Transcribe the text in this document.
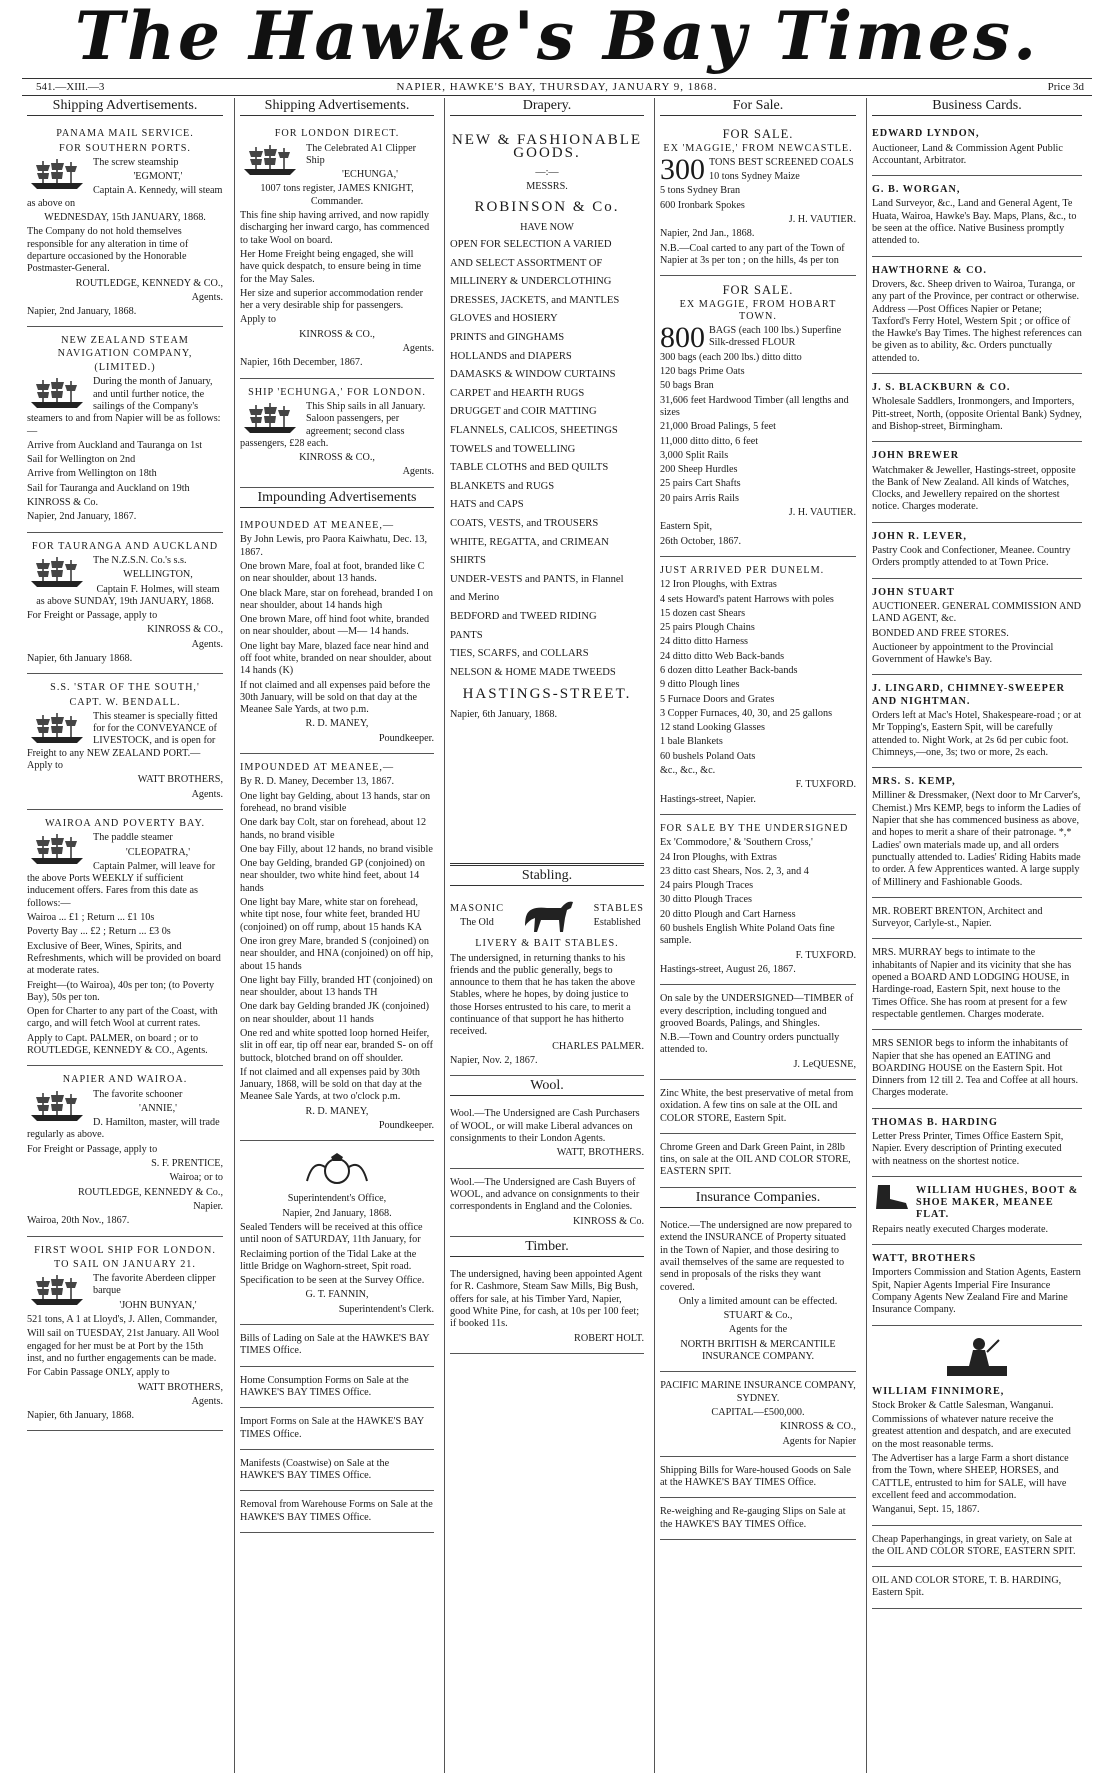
The Hawke's Bay Times.
541.—XIII.—3	NAPIER, HAWKE'S BAY, THURSDAY, JANUARY 9, 1868.	Price 3d
Shipping Advertisements.
PANAMA MAIL SERVICE.
FOR SOUTHERN PORTS.
The screw steamship
'EGMONT,'
Captain A. Kennedy, will steam as above on
WEDNESDAY, 15th JANUARY, 1868.
The Company do not hold themselves responsible for any alteration in time of departure occasioned by the Honorable Postmaster-General.
ROUTLEDGE, KENNEDY & CO.,
Agents.
Napier, 2nd January, 1868.
NEW ZEALAND STEAM NAVIGATION COMPANY,
(LIMITED.)
During the month of January, and until further notice, the sailings of the Company's steamers to and from Napier will be as follows:—
Arrive from Auckland and Tauranga on 1st
Sail for Wellington on 2nd
Arrive from Wellington on 18th
Sail for Tauranga and Auckland on 19th
KINROSS & Co.
Napier, 2nd January, 1867.
FOR TAURANGA AND AUCKLAND
The N.Z.S.N. Co.'s s.s.
WELLINGTON,
Captain F. Holmes, will steam as above SUNDAY, 19th JANUARY, 1868.
For Freight or Passage, apply to
KINROSS & CO.,
Agents.
Napier, 6th January 1868.
S.S. 'STAR OF THE SOUTH,'
CAPT. W. BENDALL.
This steamer is specially fitted for for the CONVEYANCE of LIVESTOCK, and is open for Freight to any NEW ZEALAND PORT.—Apply to
WATT BROTHERS,
Agents.
WAIROA AND POVERTY BAY.
The paddle steamer
'CLEOPATRA,'
Captain Palmer, will leave for the above Ports WEEKLY if sufficient inducement offers. Fares from this date as follows:—
Wairoa ... £1 ; Return ... £1 10s
Poverty Bay ... £2 ; Return ... £3 0s
Exclusive of Beer, Wines, Spirits, and Refreshments, which will be provided on board at moderate rates.
Freight—(to Wairoa), 40s per ton; (to Poverty Bay), 50s per ton.
Open for Charter to any part of the Coast, with cargo, and will fetch Wool at current rates.
Apply to Capt. PALMER, on board ; or to ROUTLEDGE, KENNEDY & CO., Agents.
NAPIER AND WAIROA.
The favorite schooner
'ANNIE,'
D. Hamilton, master, will trade regularly as above.
For Freight or Passage, apply to
S. F. PRENTICE,
Wairoa; or to
ROUTLEDGE, KENNEDY & Co.,
Napier.
Wairoa, 20th Nov., 1867.
FIRST WOOL SHIP FOR LONDON.
TO SAIL ON JANUARY 21.
The favorite Aberdeen clipper barque
'JOHN BUNYAN,'
521 tons, A 1 at Lloyd's, J. Allen, Commander,
Will sail on TUESDAY, 21st January. All Wool engaged for her must be at Port by the 15th inst, and no further engagements can be made.
For Cabin Passage ONLY, apply to
WATT BROTHERS,
Agents.
Napier, 6th January, 1868.
Shipping Advertisements.
FOR LONDON DIRECT.
The Celebrated A1 Clipper Ship
'ECHUNGA,'
1007 tons register, JAMES KNIGHT, Commander.
This fine ship having arrived, and now rapidly discharging her inward cargo, has commenced to take Wool on board.
Her Home Freight being engaged, she will have quick despatch, to ensure being in time for the May Sales.
Her size and superior accommodation render her a very desirable ship for passengers.
Apply to
KINROSS & CO.,
Agents.
Napier, 16th December, 1867.
SHIP 'ECHUNGA,' FOR LONDON.
This Ship sails in all January. Saloon passengers, per agreement; second class passengers, £28 each.
KINROSS & CO.,
Agents.
Impounding Advertisements
IMPOUNDED AT MEANEE,—
By John Lewis, pro Paora Kaiwhatu, Dec. 13, 1867.
One brown Mare, foal at foot, branded like C on near shoulder, about 13 hands.
One black Mare, star on forehead, branded I on near shoulder, about 14 hands high
One brown Mare, off hind foot white, branded on near shoulder, about —M— 14 hands.
One light bay Mare, blazed face near hind and off foot white, branded on near shoulder, about 14 hands (K)
If not claimed and all expenses paid before the 30th January, will be sold on that day at the Meanee Sale Yards, at two p.m.
R. D. MANEY,
Poundkeeper.
IMPOUNDED AT MEANEE,—
By R. D. Maney, December 13, 1867.
One light bay Gelding, about 13 hands, star on forehead, no brand visible
One dark bay Colt, star on forehead, about 12 hands, no brand visible
One bay Filly, about 12 hands, no brand visible
One bay Gelding, branded GP (conjoined) on near shoulder, two white hind feet, about 14 hands
One light bay Mare, white star on forehead, white tipt nose, four white feet, branded HU (conjoined) on off rump, about 15 hands KA
One iron grey Mare, branded S (conjoined) on near shoulder, and HNA (conjoined) on off hip, about 15 hands
One light bay Filly, branded HT (conjoined) on near shoulder, about 13 hands TH
One dark bay Gelding branded JK (conjoined) on near shoulder, about 11 hands
One red and white spotted loop horned Heifer, slit in off ear, tip off near ear, branded S- on off buttock, blotched brand on off shoulder.
If not claimed and all expenses paid by 30th January, 1868, will be sold on that day at the Meanee Sale Yards, at two o'clock p.m.
R. D. MANEY,
Poundkeeper.
Superintendent's Office,
Napier, 2nd January, 1868.
Sealed Tenders will be received at this office until noon of SATURDAY, 11th January, for
Reclaiming portion of the Tidal Lake at the little Bridge on Waghorn-street, Spit road.
Specification to be seen at the Survey Office.
G. T. FANNIN,
Superintendent's Clerk.
Bills of Lading on Sale at the HAWKE'S BAY TIMES Office.
Home Consumption Forms on Sale at the HAWKE'S BAY TIMES Office.
Import Forms on Sale at the HAWKE'S BAY TIMES Office.
Manifests (Coastwise) on Sale at the HAWKE'S BAY TIMES Office.
Removal from Warehouse Forms on Sale at the HAWKE'S BAY TIMES Office.
Drapery.
NEW & FASHIONABLE GOODS.
—:—
MESSRS.
ROBINSON & Co.
HAVE NOW
OPEN FOR SELECTION A VARIED
AND SELECT ASSORTMENT OF
MILLINERY & UNDERCLOTHING
DRESSES, JACKETS, and MANTLES
GLOVES and HOSIERY
PRINTS and GINGHAMS
HOLLANDS and DIAPERS
DAMASKS & WINDOW CURTAINS
CARPET and HEARTH RUGS
DRUGGET and COIR MATTING
FLANNELS, CALICOS, SHEETINGS
TOWELS and TOWELLING
TABLE CLOTHS and BED QUILTS
BLANKETS and RUGS
HATS and CAPS
COATS, VESTS, and TROUSERS
WHITE, REGATTA, and CRIMEAN
SHIRTS
UNDER-VESTS and PANTS, in Flannel
and Merino
BEDFORD and TWEED RIDING
PANTS
TIES, SCARFS, and COLLARS
NELSON & HOME MADE TWEEDS
HASTINGS-STREET.
Napier, 6th January, 1868.
Stabling.
MASONIC
The Old
STABLES
Established
LIVERY & BAIT STABLES.
The undersigned, in returning thanks to his friends and the public generally, begs to announce to them that he has taken the above Stables, where he hopes, by doing justice to those Horses entrusted to his care, to merit a continuance of that support he has hitherto received.
CHARLES PALMER.
Napier, Nov. 2, 1867.
Wool.
Wool.—The Undersigned are Cash Purchasers of WOOL, or will make Liberal advances on consignments to their London Agents.
WATT, BROTHERS.
Wool.—The Undersigned are Cash Buyers of WOOL, and advance on consignments to their correspondents in England and the Colonies.
KINROSS & Co.
Timber.
The undersigned, having been appointed Agent for R. Cashmore, Steam Saw Mills, Big Bush, offers for sale, at his Timber Yard, Napier, good White Pine, for cash, at 10s per 100 feet; if booked 11s.
ROBERT HOLT.
For Sale.
FOR SALE.
EX 'MAGGIE,' FROM NEWCASTLE.
300 TONS BEST SCREENED COALS
10 tons Sydney Maize
5 tons Sydney Bran
600 Ironbark Spokes
J. H. VAUTIER.
Napier, 2nd Jan., 1868.
N.B.—Coal carted to any part of the Town of Napier at 3s per ton ; on the hills, 4s per ton
FOR SALE.
EX MAGGIE, FROM HOBART TOWN.
800 BAGS (each 100 lbs.) Superfine Silk-dressed FLOUR
300 bags (each 200 lbs.) ditto ditto
120 bags Prime Oats
50 bags Bran
31,606 feet Hardwood Timber (all lengths and sizes
21,000 Broad Palings, 5 feet
11,000 ditto ditto, 6 feet
3,000 Split Rails
200 Sheep Hurdles
25 pairs Cart Shafts
20 pairs Arris Rails
J. H. VAUTIER.
Eastern Spit,
26th October, 1867.
JUST ARRIVED PER DUNELM.
12 Iron Ploughs, with Extras
4 sets Howard's patent Harrows with poles
15 dozen cast Shears
25 pairs Plough Chains
24 ditto ditto Harness
24 ditto ditto Web Back-bands
6 dozen ditto Leather Back-bands
9 ditto Plough lines
5 Furnace Doors and Grates
3 Copper Furnaces, 40, 30, and 25 gallons
12 stand Looking Glasses
1 bale Blankets
60 bushels Poland Oats
&c., &c., &c.
F. TUXFORD.
Hastings-street, Napier.
FOR SALE BY THE UNDERSIGNED
Ex 'Commodore,' & 'Southern Cross,'
24 Iron Ploughs, with Extras
23 ditto cast Shears, Nos. 2, 3, and 4
24 pairs Plough Traces
30 ditto Plough Traces
20 ditto Plough and Cart Harness
60 bushels English White Poland Oats fine sample.
F. TUXFORD.
Hastings-street, August 26, 1867.
On sale by the UNDERSIGNED—TIMBER of every description, including tongued and grooved Boards, Palings, and Shingles.
N.B.—Town and Country orders punctually attended to.
J. LeQUESNE,
Zinc White, the best preservative of metal from oxidation. A few tins on sale at the OIL and COLOR STORE, Eastern Spit.
Chrome Green and Dark Green Paint, in 28lb tins, on sale at the OIL AND COLOR STORE, EASTERN SPIT.
Insurance Companies.
Notice.—The undersigned are now prepared to extend the INSURANCE of Property situated in the Town of Napier, and those desiring to avail themselves of the same are requested to send in proposals of the risks they want covered.
Only a limited amount can be effected.
STUART & Co.,
Agents for the
NORTH BRITISH & MERCANTILE INSURANCE COMPANY.
PACIFIC MARINE INSURANCE COMPANY, SYDNEY.
CAPITAL—£500,000.
KINROSS & CO.,
Agents for Napier
Shipping Bills for Ware-housed Goods on Sale at the HAWKE'S BAY TIMES Office.
Re-weighing and Re-gauging Slips on Sale at the HAWKE'S BAY TIMES Office.
Business Cards.
EDWARD LYNDON,
Auctioneer, Land & Commission Agent Public Accountant, Arbitrator.
G. B. WORGAN,
Land Surveyor, &c., Land and General Agent, Te Huata, Wairoa, Hawke's Bay. Maps, Plans, &c., to be seen at the office. Native Business promptly attended to.
HAWTHORNE & CO.
Drovers, &c. Sheep driven to Wairoa, Turanga, or any part of the Province, per contract or otherwise. Address —Post Offices Napier or Petane; Taxford's Ferry Hotel, Western Spit ; or office of the Hawke's Bay Times. The highest references can be given as to ability, &c. Orders punctually attended to.
J. S. BLACKBURN & CO.
Wholesale Saddlers, Ironmongers, and Importers, Pitt-street, North, (opposite Oriental Bank) Sydney, and Bishop-street, Birmingham.
JOHN BREWER
Watchmaker & Jeweller, Hastings-street, opposite the Bank of New Zealand. All kinds of Watches, Clocks, and Jewellery repaired on the shortest notice. Charges moderate.
JOHN R. LEVER,
Pastry Cook and Confectioner, Meanee. Country Orders promptly attended to at Town Price.
JOHN STUART
AUCTIONEER. GENERAL COMMISSION AND LAND AGENT, &c.
BONDED AND FREE STORES.
Auctioneer by appointment to the Provincial Government of Hawke's Bay.
J. LINGARD, CHIMNEY-SWEEPER AND NIGHTMAN.
Orders left at Mac's Hotel, Shakespeare-road ; or at Mr Topping's, Eastern Spit, will be carefully attended to. Night Work, at 2s 6d per cubic foot. Chimneys,—one, 3s; two or more, 2s each.
MRS. S. KEMP,
Milliner & Dressmaker, (Next door to Mr Carver's, Chemist.) Mrs KEMP, begs to inform the Ladies of Napier that she has commenced business as above, and hopes to merit a share of their patronage. *,* Ladies' own materials made up, and all orders punctually attended to. Ladies' Riding Habits made to order. A few Apprentices wanted. A large supply of Millinery and Fashionable Goods.
MR. ROBERT BRENTON, Architect and Surveyor, Carlyle-st., Napier.
MRS. MURRAY begs to intimate to the inhabitants of Napier and its vicinity that she has opened a BOARD AND LODGING HOUSE, in Hardinge-road, Eastern Spit, next house to the Times Office. She has room at present for a few respectable gentlemen. Charges moderate.
MRS SENIOR begs to inform the inhabitants of Napier that she has opened an EATING and BOARDING HOUSE on the Eastern Spit. Hot Dinners from 12 till 2. Tea and Coffee at all hours. Charges moderate.
THOMAS B. HARDING
Letter Press Printer, Times Office Eastern Spit, Napier. Every description of Printing executed with neatness on the shortest notice.
WILLIAM HUGHES, BOOT & SHOE MAKER, MEANEE FLAT.
Repairs neatly executed Charges moderate.
WATT, BROTHERS
Importers Commission and Station Agents, Eastern Spit, Napier Agents Imperial Fire Insurance Company Agents New Zealand Fire and Marine Insurance Company.
WILLIAM FINNIMORE,
Stock Broker & Cattle Salesman, Wanganui.
Commissions of whatever nature receive the greatest attention and despatch, and are executed on the most reasonable terms.
The Advertiser has a large Farm a short distance from the Town, where SHEEP, HORSES, and CATTLE, entrusted to him for SALE, will have excellent feed and accommodation.
Wanganui, Sept. 15, 1867.
Cheap Paperhangings, in great variety, on Sale at the OIL AND COLOR STORE, EASTERN SPIT.
OIL AND COLOR STORE, T. B. HARDING, Eastern Spit.
